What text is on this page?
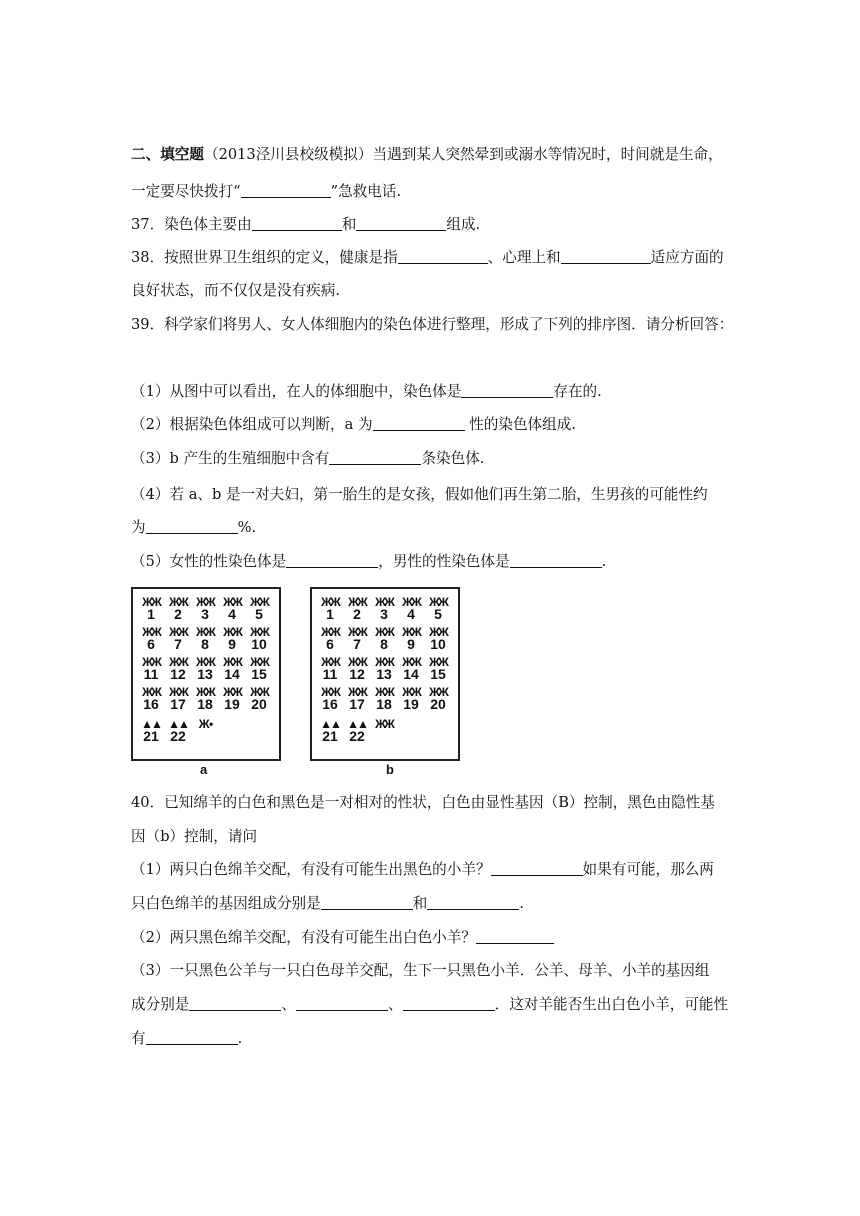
二、填空题（2013泾川县校级模拟）当遇到某人突然晕到或溺水等情况时，时间就是生命，
一定要尽快拨打“	”急救电话.
37．染色体主要由	和	组成.
38．按照世界卫生组织的定义，健康是指	、心理上和	适应方面的
良好状态，而不仅仅是没有疾病.
39．科学家们将男人、女人体细胞内的染色体进行整理，形成了下列的排序图．请分析回答：
（1）从图中可以看出，在人的体细胞中，染色体是	存在的.
（2）根据染色体组成可以判断，a 为	性的染色体组成.
（3）b 产生的生殖细胞中含有	条染色体.
（4）若 a、b 是一对夫妇，第一胎生的是女孩，假如他们再生第二胎，生男孩的可能性约
为	%.
（5）女性的性染色体是	，男性的性染色体是	.
ЖЖ
1
ЖЖ
2
ЖЖ
3
ЖЖ
4
ЖЖ
5
ЖЖ
6
ЖЖ
7
ЖЖ
8
ЖЖ
9
ЖЖ
10
ЖЖ
11
ЖЖ
12
ЖЖ
13
ЖЖ
14
ЖЖ
15
ЖЖ
16
ЖЖ
17
ЖЖ
18
ЖЖ
19
ЖЖ
20
▲▲
21
▲▲
22
Ж •
a
ЖЖ
1
ЖЖ
2
ЖЖ
3
ЖЖ
4
ЖЖ
5
ЖЖ
6
ЖЖ
7
ЖЖ
8
ЖЖ
9
ЖЖ
10
ЖЖ
11
ЖЖ
12
ЖЖ
13
ЖЖ
14
ЖЖ
15
ЖЖ
16
ЖЖ
17
ЖЖ
18
ЖЖ
19
ЖЖ
20
▲▲
21
▲▲
22
ЖЖ
b
40．已知绵羊的白色和黑色是一对相对的性状，白色由显性基因（B）控制，黑色由隐性基
因（b）控制，请问
（1）两只白色绵羊交配，有没有可能生出黑色的小羊？	如果有可能，那么两
只白色绵羊的基因组成分别是	和	.
（2）两只黑色绵羊交配，有没有可能生出白色小羊？
（3）一只黑色公羊与一只白色母羊交配，生下一只黑色小羊．公羊、母羊、小羊的基因组
成分别是	、	、	．这对羊能否生出白色小羊，可能性
有	.
